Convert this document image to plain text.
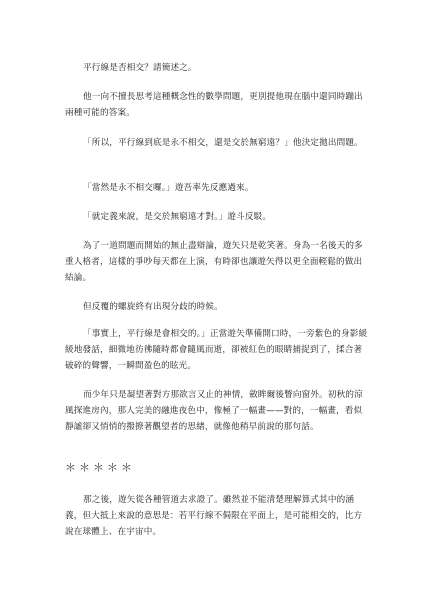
平行線是否相交？請簡述之。

他一向不擅長思考這種概念性的數學問題，更別提他現在腦中還同時蹦出兩種可能的答案。

「所以，平行線到底是永不相交，還是交於無窮遠？」他決定拋出問題。

「當然是永不相交囉。」遊吾率先反應過來。

「就定義來說，是交於無窮遠才對。」遊斗反駁。

為了一道問題而開始的無止盡辯論，遊矢只是乾笑著。身為一名後天的多重人格者，這樣的爭吵每天都在上演，有時卻也讓遊矢得以更全面輕鬆的做出結論。

但反覆的螺旋終有出現分歧的時候。

「事實上，平行線是會相交的。」正當遊矢準備開口時，一旁紫色的身影緩緩地發話，細微地彷彿隨時都會隨風而逝，卻被紅色的眼睛捕捉到了，揉合著破碎的聲響，一瞬間盈色的眩光。

而少年只是凝望著對方那欲言又止的神情，斂眸爾後瞥向窗外。初秋的涼風探進房內，那人完美的融進夜色中，像極了一幅畫——對的，一幅畫，看似靜謐卻又悄悄的撥撩著觀望者的思緒，就像他稍早前說的那句話。

＊＊＊＊＊

那之後，遊矢從各種管道去求證了。雖然並不能清楚理解算式其中的涵義，但大抵上來說的意思是：若平行線不侷限在平面上，是可能相交的，比方說在球體上、在宇宙中。
